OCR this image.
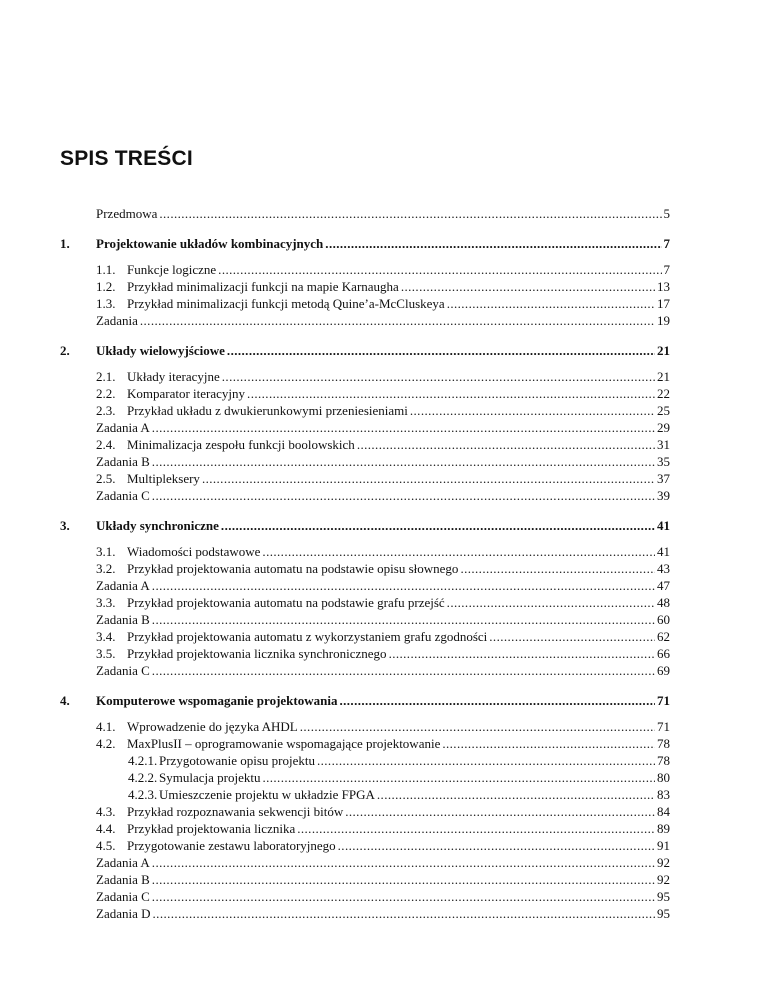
SPIS TREŚCI
Przedmowa .....	5
1.	Projektowanie układów kombinacyjnych .....	7
1.1. Funkcje logiczne .....	7
1.2. Przykład minimalizacji funkcji na mapie Karnaugha .....	13
1.3. Przykład minimalizacji funkcji metodą Quine’a-McCluskeya .....	17
Zadania .....	19
2.	Układy wielowyjściowe .....	21
2.1. Układy iteracyjne .....	21
2.2. Komparator iteracyjny .....	22
2.3. Przykład układu z dwukierunkowymi przeniesieniami .....	25
Zadania A .....	29
2.4. Minimalizacja zespołu funkcji boolowskich .....	31
Zadania B .....	35
2.5. Multipleksery .....	37
Zadania C .....	39
3.	Układy synchroniczne .....	41
3.1. Wiadomości podstawowe .....	41
3.2. Przykład projektowania automatu na podstawie opisu słownego .....	43
Zadania A .....	47
3.3. Przykład projektowania automatu na podstawie grafu przejść .....	48
Zadania B .....	60
3.4. Przykład projektowania automatu z wykorzystaniem grafu zgodności .....	62
3.5. Przykład projektowania licznika synchronicznego .....	66
Zadania C .....	69
4.	Komputerowe wspomaganie projektowania .....	71
4.1. Wprowadzenie do języka AHDL .....	71
4.2. MaxPlusII – oprogramowanie wspomagające projektowanie .....	78
4.2.1. Przygotowanie opisu projektu .....	78
4.2.2. Symulacja projektu .....	80
4.2.3. Umieszczenie projektu w układzie FPGA .....	83
4.3. Przykład rozpoznawania sekwencji bitów .....	84
4.4. Przykład projektowania licznika .....	89
4.5. Przygotowanie zestawu laboratoryjnego .....	91
Zadania A .....	92
Zadania B .....	92
Zadania C .....	95
Zadania D .....	95
